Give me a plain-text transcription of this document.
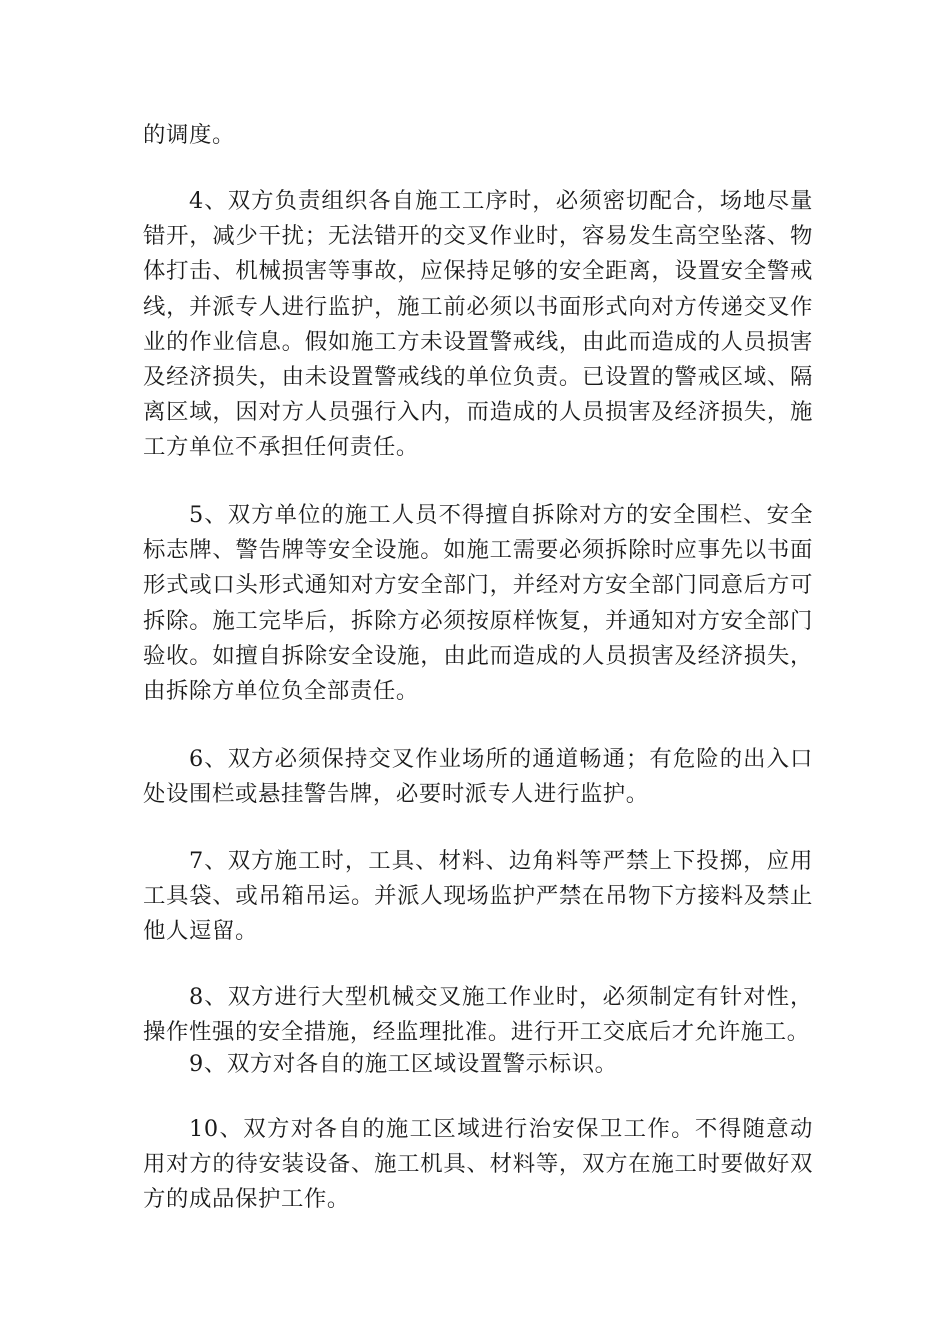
的调度。

4、双方负责组织各自施工工序时，必须密切配合，场地尽量错开，减少干扰；无法错开的交叉作业时，容易发生高空坠落、物体打击、机械损害等事故，应保持足够的安全距离，设置安全警戒线，并派专人进行监护，施工前必须以书面形式向对方传递交叉作业的作业信息。假如施工方未设置警戒线，由此而造成的人员损害及经济损失，由未设置警戒线的单位负责。已设置的警戒区域、隔离区域，因对方人员强行入内，而造成的人员损害及经济损失，施工方单位不承担任何责任。

5、双方单位的施工人员不得擅自拆除对方的安全围栏、安全标志牌、警告牌等安全设施。如施工需要必须拆除时应事先以书面形式或口头形式通知对方安全部门，并经对方安全部门同意后方可拆除。施工完毕后，拆除方必须按原样恢复，并通知对方安全部门验收。如擅自拆除安全设施，由此而造成的人员损害及经济损失，由拆除方单位负全部责任。

6、双方必须保持交叉作业场所的通道畅通；有危险的出入口处设围栏或悬挂警告牌，必要时派专人进行监护。

7、双方施工时，工具、材料、边角料等严禁上下投掷，应用工具袋、或吊箱吊运。并派人现场监护严禁在吊物下方接料及禁止他人逗留。

8、双方进行大型机械交叉施工作业时，必须制定有针对性，操作性强的安全措施，经监理批准。进行开工交底后才允许施工。

9、双方对各自的施工区域设置警示标识。

10、双方对各自的施工区域进行治安保卫工作。不得随意动用对方的待安装设备、施工机具、材料等，双方在施工时要做好双方的成品保护工作。
